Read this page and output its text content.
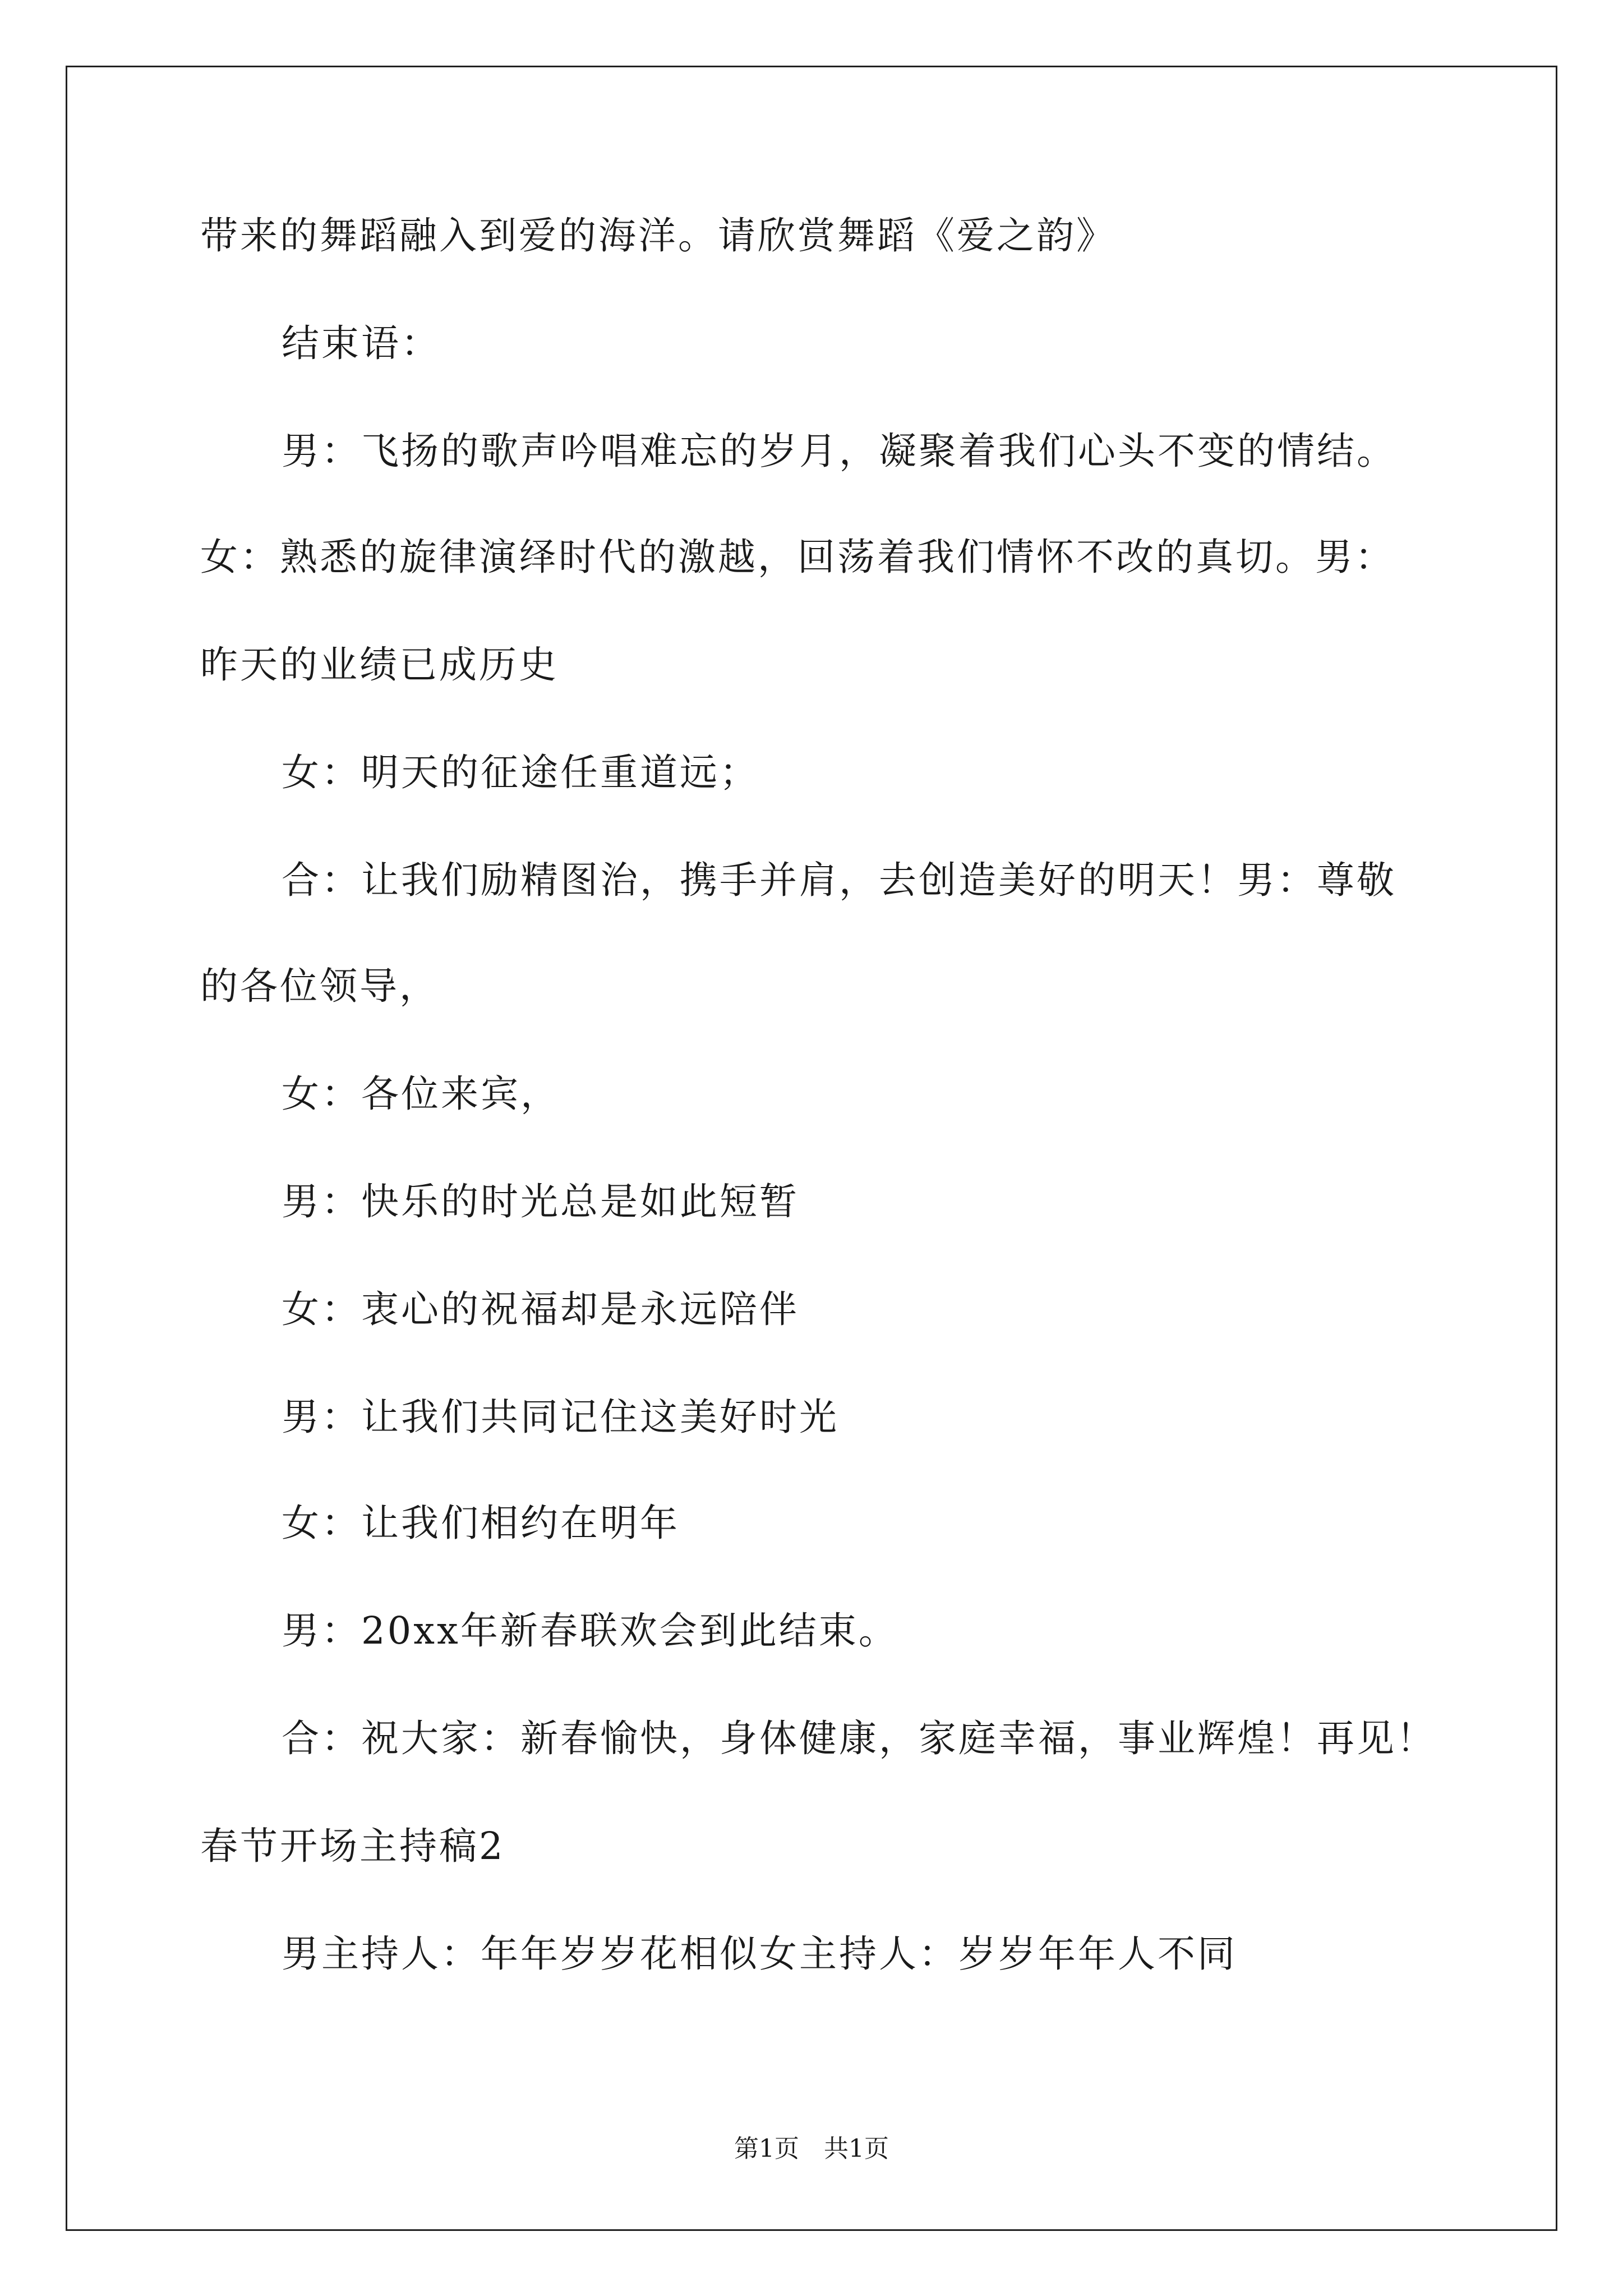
带来的舞蹈融入到爱的海洋。请欣赏舞蹈《爱之韵》
结束语：
男：飞扬的歌声吟唱难忘的岁月，凝聚着我们心头不变的情结。
女：熟悉的旋律演绎时代的激越，回荡着我们情怀不改的真切。男：
昨天的业绩已成历史
女：明天的征途任重道远；
合：让我们励精图治，携手并肩，去创造美好的明天！男：尊敬
的各位领导，
女：各位来宾，
男：快乐的时光总是如此短暂
女：衷心的祝福却是永远陪伴
男：让我们共同记住这美好时光
女：让我们相约在明年
男：20xx年新春联欢会到此结束。
合：祝大家：新春愉快，身体健康，家庭幸福，事业辉煌！再见！
春节开场主持稿2
男主持人：年年岁岁花相似女主持人：岁岁年年人不同
第1页　共1页
